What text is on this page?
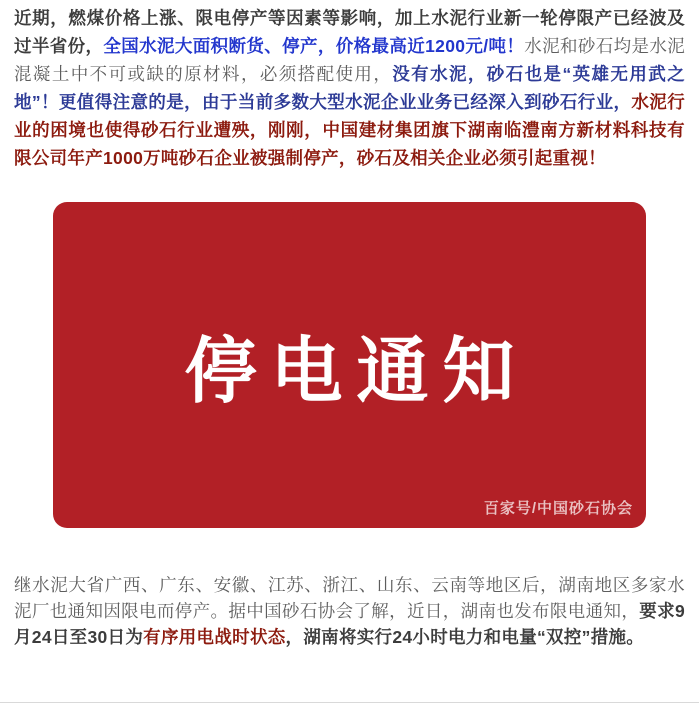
近期，燃煤价格上涨、限电停产等因素等影响，加上水泥行业新一轮停限产已经波及过半省份，全国水泥大面积断货、停产，价格最高近1200元/吨！水泥和砂石均是水泥混凝土中不可或缺的原材料，必须搭配使用，没有水泥，砂石也是“英雄无用武之地”！更值得注意的是，由于当前多数大型水泥企业业务已经深入到砂石行业，水泥行业的困境也使得砂石行业遭殃，刚刚，中国建材集团旗下湖南临澧南方新材料科技有限公司年产1000万吨砂石企业被强制停产，砂石及相关企业必须引起重视！

停电通知
百家号/中国砂石协会

继水泥大省广西、广东、安徽、江苏、浙江、山东、云南等地区后，湖南地区多家水泥厂也通知因限电而停产。据中国砂石协会了解，近日，湖南也发布限电通知，要求9月24日至30日为有序用电战时状态，湖南将实行24小时电力和电量“双控”措施。
